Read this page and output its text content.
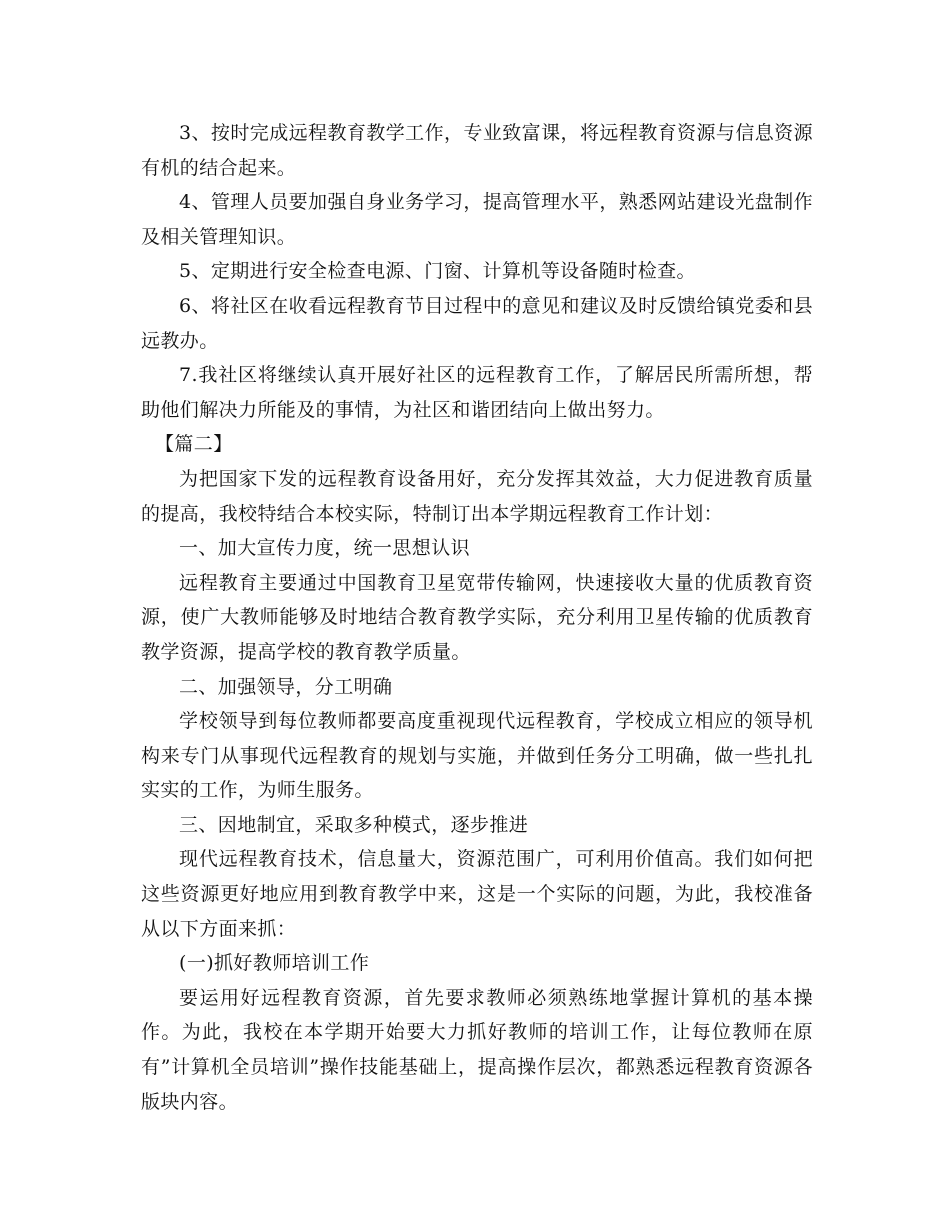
3、按时完成远程教育教学工作，专业致富课，将远程教育资源与信息资源有机的结合起来。

4、管理人员要加强自身业务学习，提高管理水平，熟悉网站建设光盘制作及相关管理知识。

5、定期进行安全检查电源、门窗、计算机等设备随时检查。

6、将社区在收看远程教育节目过程中的意见和建议及时反馈给镇党委和县远教办。

7.我社区将继续认真开展好社区的远程教育工作，了解居民所需所想，帮助他们解决力所能及的事情，为社区和谐团结向上做出努力。

【篇二】

为把国家下发的远程教育设备用好，充分发挥其效益，大力促进教育质量的提高，我校特结合本校实际，特制订出本学期远程教育工作计划：

一、加大宣传力度，统一思想认识

远程教育主要通过中国教育卫星宽带传输网，快速接收大量的优质教育资源，使广大教师能够及时地结合教育教学实际，充分利用卫星传输的优质教育教学资源，提高学校的教育教学质量。

二、加强领导，分工明确

学校领导到每位教师都要高度重视现代远程教育，学校成立相应的领导机构来专门从事现代远程教育的规划与实施，并做到任务分工明确，做一些扎扎实实的工作，为师生服务。

三、因地制宜，采取多种模式，逐步推进

现代远程教育技术，信息量大，资源范围广，可利用价值高。我们如何把这些资源更好地应用到教育教学中来，这是一个实际的问题，为此，我校准备从以下方面来抓：

(一)抓好教师培训工作

要运用好远程教育资源，首先要求教师必须熟练地掌握计算机的基本操作。为此，我校在本学期开始要大力抓好教师的培训工作，让每位教师在原有”计算机全员培训”操作技能基础上，提高操作层次，都熟悉远程教育资源各版块内容。
